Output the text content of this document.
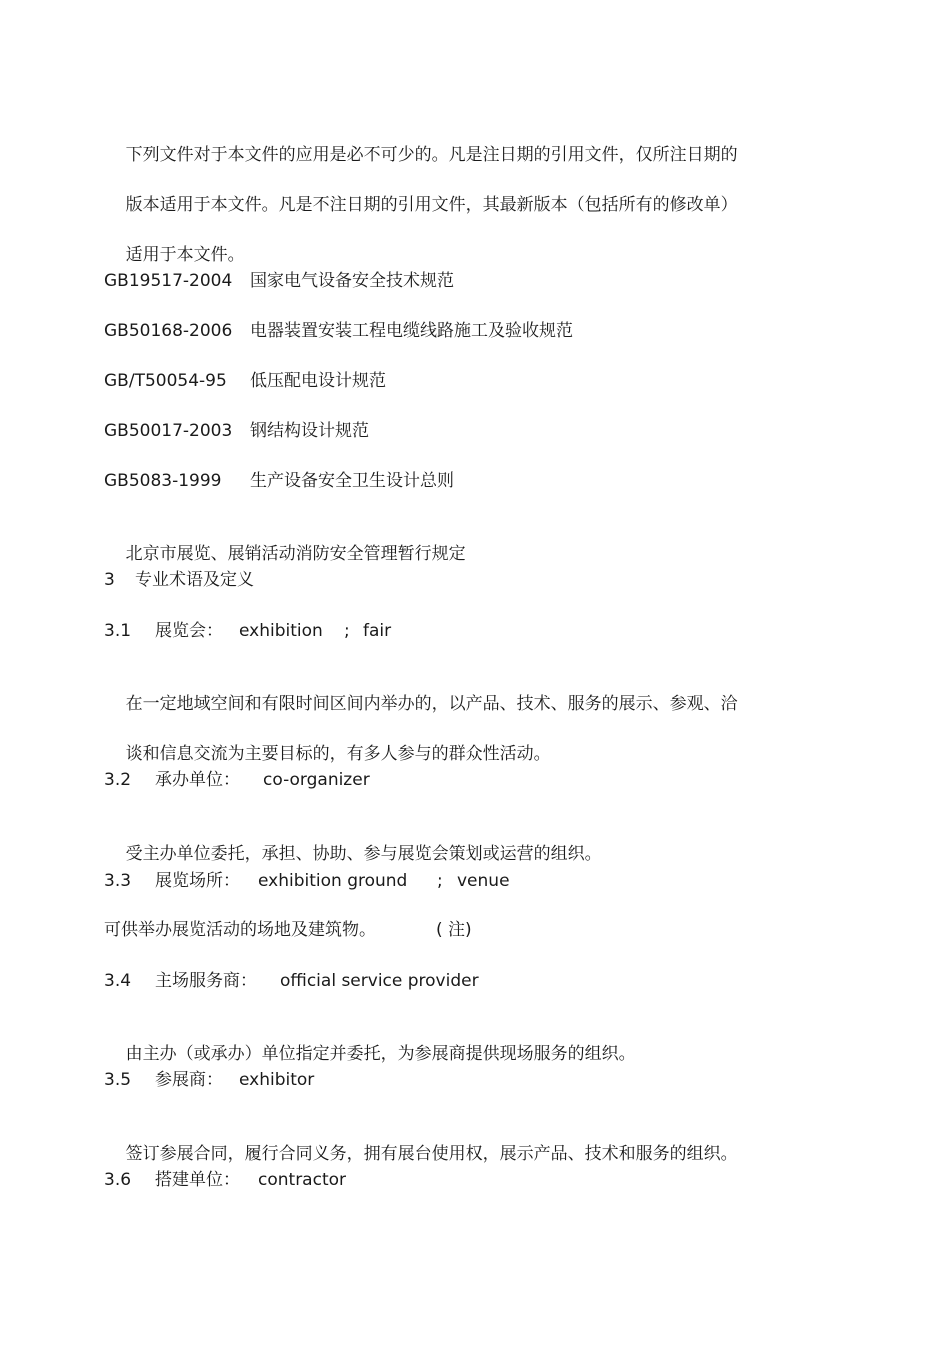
下列文件对于本文件的应用是必不可少的。凡是注日期的引用文件，仅所注日期的

版本适用于本文件。凡是不注日期的引用文件，其最新版本（包括所有的修改单）

适用于本文件。

GB19517-2004

国家电气设备安全技术规范

GB50168-2006

电器装置安装工程电缆线路施工及验收规范

GB/T50054-95

低压配电设计规范

GB50017-2003

钢结构设计规范

GB5083-1999

生产设备安全卫生设计总则

北京市展览、展销活动消防安全管理暂行规定

3

专业术语及定义

3.1

展览会：

exhibition

;

fair

在一定地域空间和有限时间区间内举办的，以产品、技术、服务的展示、参观、洽

谈和信息交流为主要目标的，有多人参与的群众性活动。

3.2

承办单位：

co-organizer

受主办单位委托，承担、协助、参与展览会策划或运营的组织。

3.3

展览场所：

exhibition ground

;

venue

可供举办展览活动的场地及建筑物。

	( 注)

3.4

主场服务商：

official service provider

由主办（或承办）单位指定并委托，为参展商提供现场服务的组织。

3.5

参展商：

exhibitor

签订参展合同，履行合同义务，拥有展台使用权，展示产品、技术和服务的组织。

3.6

搭建单位：

contractor
